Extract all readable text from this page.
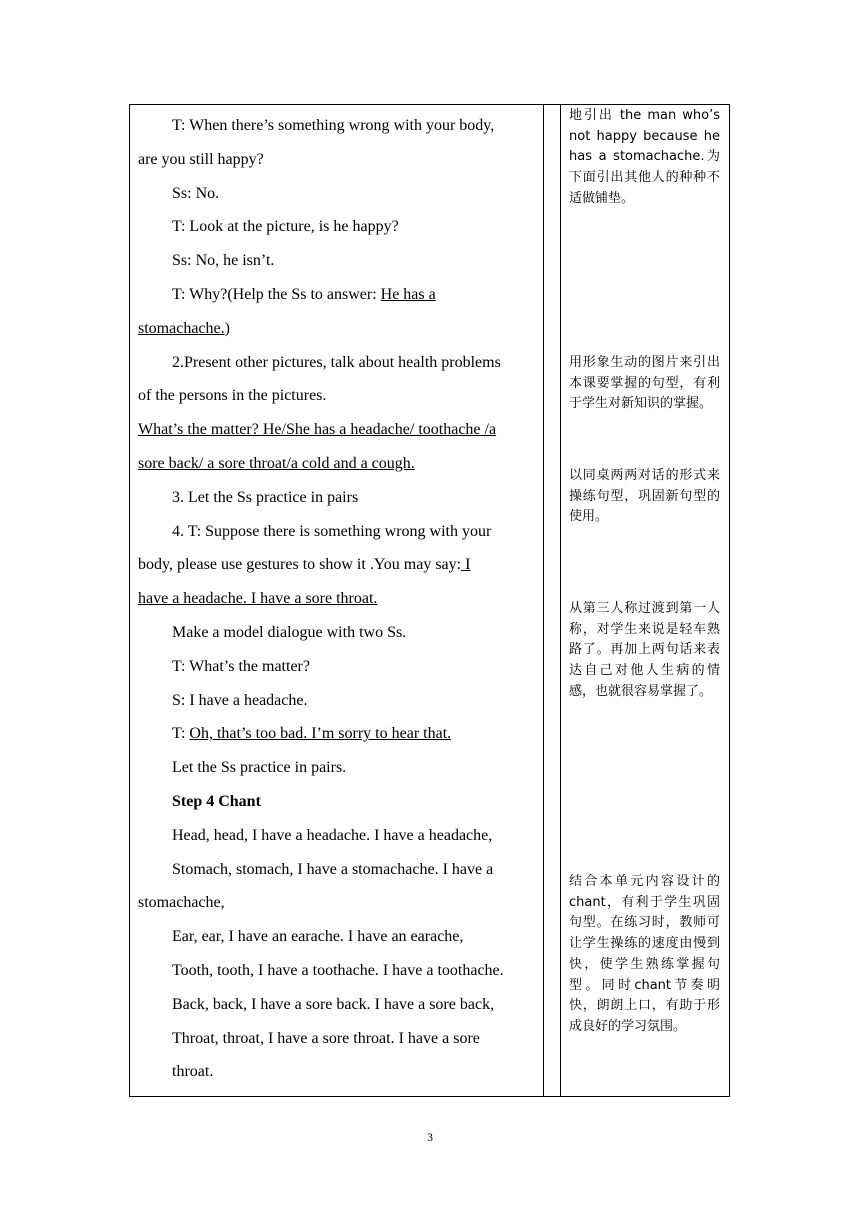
T: When there’s something wrong with your body,

are you still happy?

Ss: No.

T: Look at the picture, is he happy?

Ss: No, he isn’t.

T: Why?(Help the Ss to answer: He has a

stomachache.)

2.Present other pictures, talk about health problems

of the persons in the pictures.

What’s the matter? He/She has a headache/ toothache /a

sore back/ a sore throat/a cold and a cough.

3. Let the Ss practice in pairs

4. T: Suppose there is something wrong with your

body, please use gestures to show it .You may say: I

have a headache. I have a sore throat.

Make a model dialogue with two Ss.

T: What’s the matter?

S: I have a headache.

T: Oh, that’s too bad. I’m sorry to hear that.

Let the Ss practice in pairs.

Step 4 Chant

Head, head, I have a headache. I have a headache,

Stomach, stomach, I have a stomachache. I have a

stomachache,

Ear, ear, I have an earache. I have an earache,

Tooth, tooth, I have a toothache. I have a toothache.

Back, back, I have a sore back. I have a sore back,

Throat, throat, I have a sore throat. I have a sore

throat.

地引出 the man who’s not happy because he has a stomachache.为下面引出其他人的种种不适做铺垫。

用形象生动的图片来引出本课要掌握的句型，有利于学生对新知识的掌握。

以同桌两两对话的形式来操练句型，巩固新句型的使用。

从第三人称过渡到第一人称，对学生来说是轻车熟路了。再加上两句话来表达自己对他人生病的情感，也就很容易掌握了。

结合本单元内容设计的chant，有利于学生巩固句型。在练习时，教师可让学生操练的速度由慢到快，使学生熟练掌握句型。同时chant节奏明快，朗朗上口，有助于形成良好的学习氛围。

3
